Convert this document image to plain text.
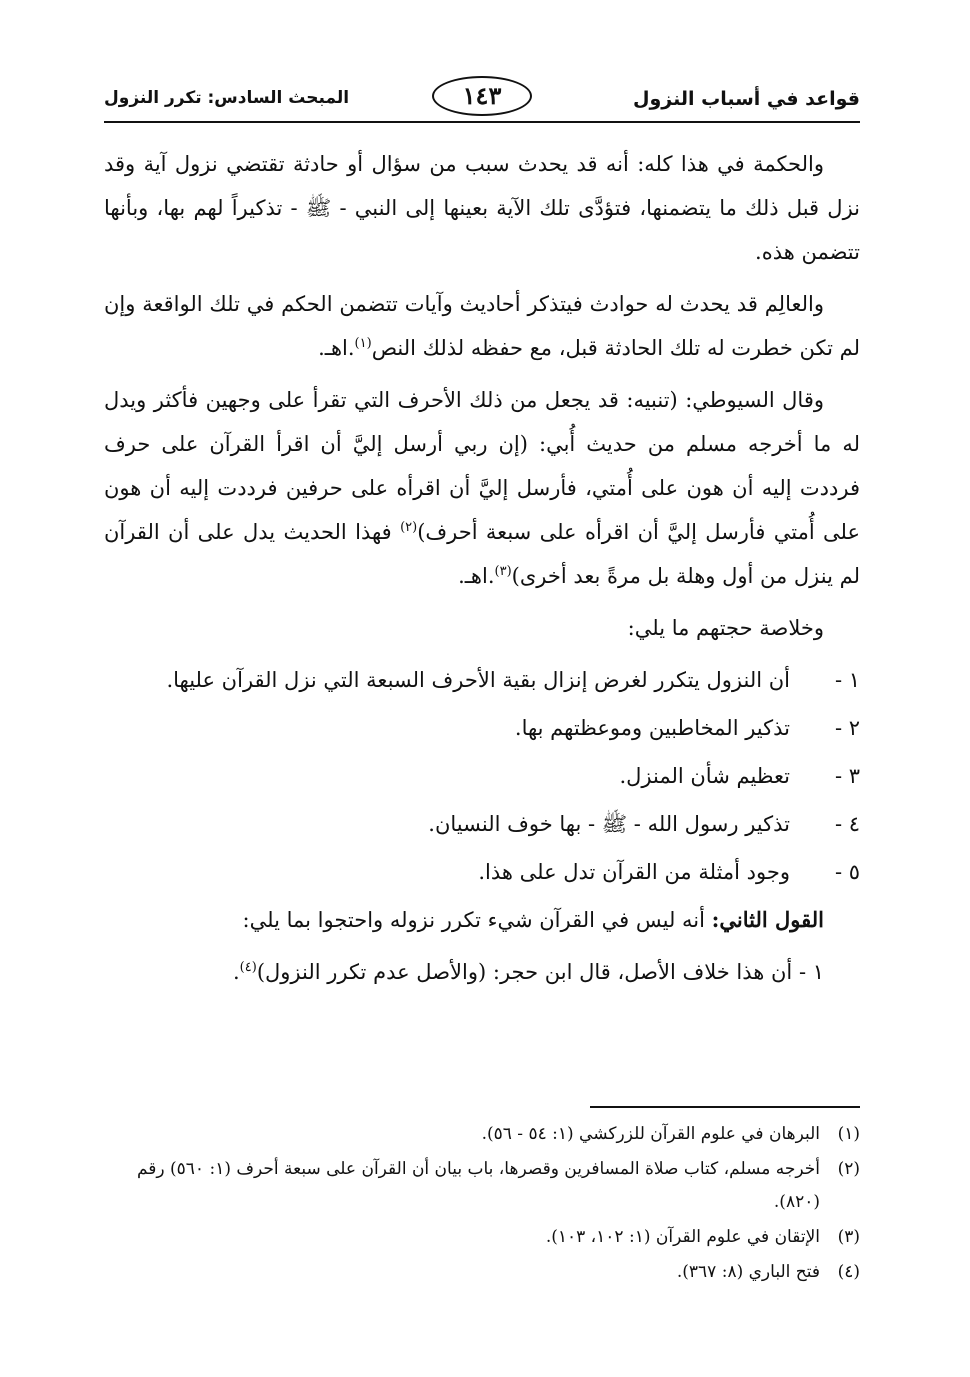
قواعد في أسباب النزول
١٤٣
المبحث السادس: تكرر النزول

والحكمة في هذا كله: أنه قد يحدث سبب من سؤال أو حادثة تقتضي نزول آية وقد نزل قبل ذلك ما يتضمنها، فتؤدَّى تلك الآية بعينها إلى النبي - ﷺ - تذكيراً لهم بها، وبأنها تتضمن هذه.

والعالِم قد يحدث له حوادث فيتذكر أحاديث وآيات تتضمن الحكم في تلك الواقعة وإن لم تكن خطرت له تلك الحادثة قبل، مع حفظه لذلك النص$^{(١)}$.اهـ.

وقال السيوطي: (تنبيه: قد يجعل من ذلك الأحرف التي تقرأ على وجهين فأكثر ويدل له ما أخرجه مسلم من حديث أُبي: (إن ربي أرسل إليَّ أن اقرأ القرآن على حرف فرددت إليه أن هون على أُمتي، فأرسل إليَّ أن اقرأه على حرفين فرددت إليه أن هون على أُمتي فأرسل إليَّ أن اقرأه على سبعة أحرف)$^{(٢)}$ فهذا الحديث يدل على أن القرآن لم ينزل من أول وهلة بل مرةً بعد أخرى)$^{(٣)}$.اهـ.

وخلاصة حجتهم ما يلي:

١ -
أن النزول يتكرر لغرض إنزال بقية الأحرف السبعة التي نزل القرآن عليها.
٢ -
تذكير المخاطبين وموعظتهم بها.
٣ -
تعظيم شأن المنزل.
٤ -
تذكير رسول الله - ﷺ - بها خوف النسيان.
٥ -
وجود أمثلة من القرآن تدل على هذا.

القول الثاني: أنه ليس في القرآن شيء تكرر نزوله واحتجوا بما يلي:

١ - أن هذا خلاف الأصل، قال ابن حجر: (والأصل عدم تكرر النزول)$^{(٤)}$.

(١)
البرهان في علوم القرآن للزركشي (١: ٥٤ - ٥٦).
(٢)
أخرجه مسلم، كتاب صلاة المسافرين وقصرها، باب بيان أن القرآن على سبعة أحرف (١: ٥٦٠) رقم (٨٢٠).
(٣)
الإتقان في علوم القرآن (١: ١٠٢، ١٠٣).
(٤)
فتح الباري (٨: ٣٦٧).
